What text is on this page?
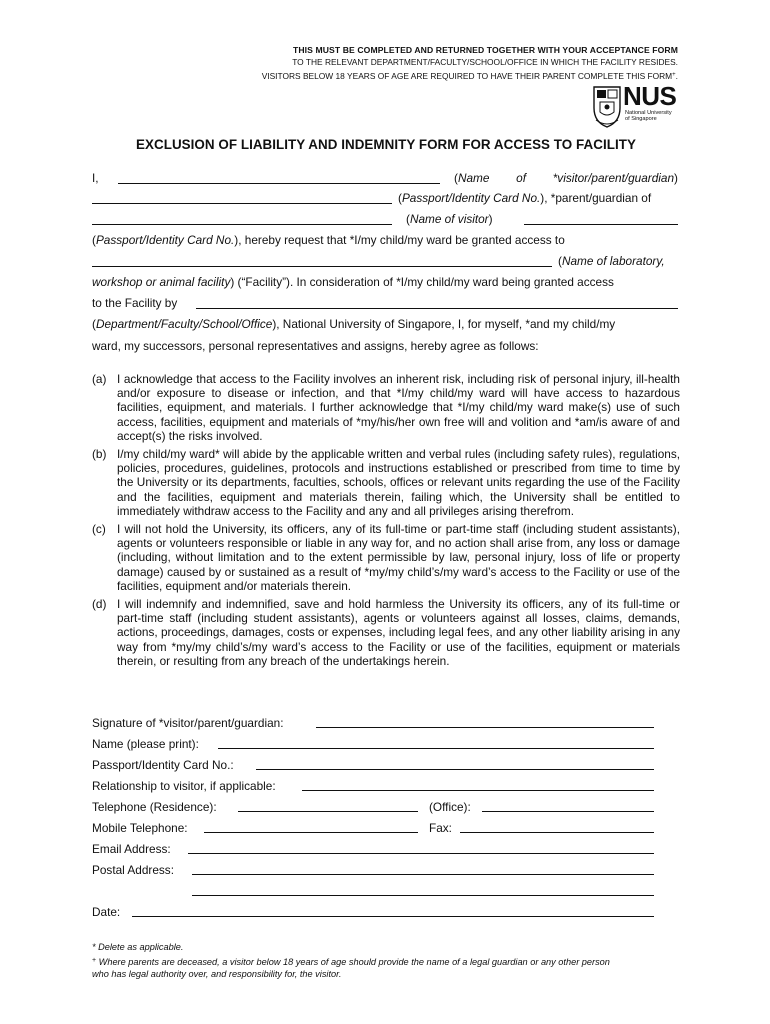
THIS MUST BE COMPLETED AND RETURNED TOGETHER WITH YOUR ACCEPTANCE FORM
TO THE RELEVANT DEPARTMENT/FACULTY/SCHOOL/OFFICE IN WHICH THE FACILITY RESIDES.
VISITORS BELOW 18 YEARS OF AGE ARE REQUIRED TO HAVE THEIR PARENT COMPLETE THIS FORM+.
NUS
National University
of Singapore
EXCLUSION OF LIABILITY AND INDEMNITY FORM FOR ACCESS TO FACILITY
I,	(Name of *visitor/parent/guardian)
(Passport/Identity Card No.), *parent/guardian of
(Name of visitor)
(Passport/Identity Card No.), hereby request that *I/my child/my ward be granted access to
(Name of laboratory,
workshop or animal facility) (“Facility”). In consideration of *I/my child/my ward being granted access
to the Facility by
(Department/Faculty/School/Office), National University of Singapore, I, for myself, *and my child/my
ward, my successors, personal representatives and assigns, hereby agree as follows:
(a) I acknowledge that access to the Facility involves an inherent risk, including risk of personal injury, ill-health and/or exposure to disease or infection, and that *I/my child/my ward will have access to hazardous facilities, equipment, and materials. I further acknowledge that *I/my child/my ward make(s) use of such access, facilities, equipment and materials of *my/his/her own free will and volition and *am/is aware of and accept(s) the risks involved.
(b) I/my child/my ward* will abide by the applicable written and verbal rules (including safety rules), regulations, policies, procedures, guidelines, protocols and instructions established or prescribed from time to time by the University or its departments, faculties, schools, offices or relevant units regarding the use of the Facility and the facilities, equipment and materials therein, failing which, the University shall be entitled to immediately withdraw access to the Facility and any and all privileges arising therefrom.
(c) I will not hold the University, its officers, any of its full-time or part-time staff (including student assistants), agents or volunteers responsible or liable in any way for, and no action shall arise from, any loss or damage (including, without limitation and to the extent permissible by law, personal injury, loss of life or property damage) caused by or sustained as a result of *my/my child’s/my ward’s access to the Facility or use of the facilities, equipment and/or materials therein.
(d) I will indemnify and indemnified, save and hold harmless the University its officers, any of its full-time or part-time staff (including student assistants), agents or volunteers against all losses, claims, demands, actions, proceedings, damages, costs or expenses, including legal fees, and any other liability arising in any way from *my/my child’s/my ward’s access to the Facility or use of the facilities, equipment or materials therein, or resulting from any breach of the undertakings herein.
Signature of *visitor/parent/guardian:
Name (please print):
Passport/Identity Card No.:
Relationship to visitor, if applicable:
Telephone (Residence):	(Office):
Mobile Telephone:	Fax:
Email Address:
Postal Address:
Date:
* Delete as applicable.
+ Where parents are deceased, a visitor below 18 years of age should provide the name of a legal guardian or any other person
who has legal authority over, and responsibility for, the visitor.
